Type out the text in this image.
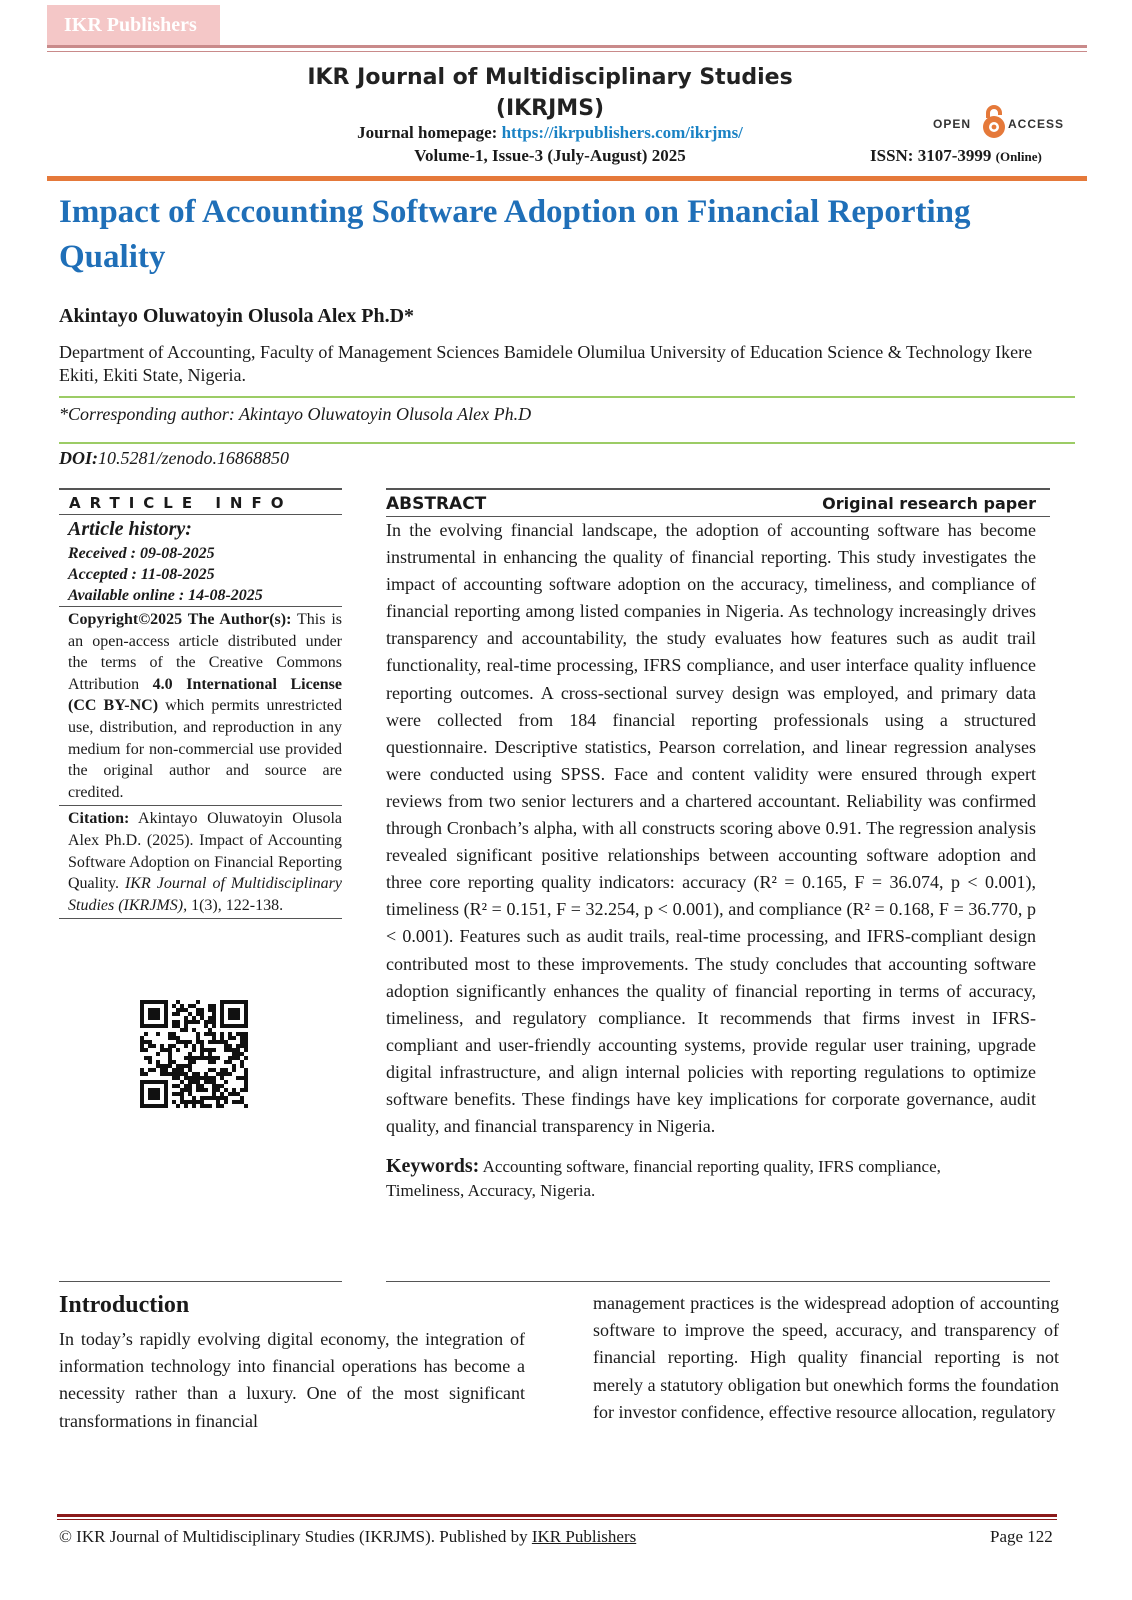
IKR Publishers
IKR Journal of Multidisciplinary Studies
(IKRJMS)
Journal homepage: https://ikrpublishers.com/ikrjms/
Volume-1, Issue-3 (July-August) 2025	ISSN: 3107-3999 (Online)
OPEN	ACCESS
Impact of Accounting Software Adoption on Financial Reporting Quality
Akintayo Oluwatoyin Olusola Alex Ph.D*
Department of Accounting, Faculty of Management Sciences Bamidele Olumilua University of Education Science & Technology Ikere Ekiti, Ekiti State, Nigeria.
*Corresponding author: Akintayo Oluwatoyin Olusola Alex Ph.D
DOI:10.5281/zenodo.16868850
ARTICLE INFO
Article history:
Received : 09-08-2025
Accepted : 11-08-2025
Available online : 14-08-2025
Copyright©2025 The Author(s): This is an open-access article distributed under the terms of the Creative Commons Attribution 4.0 International License (CC BY-NC) which permits unrestricted use, distribution, and reproduction in any medium for non-commercial use provided the original author and source are credited.
Citation: Akintayo Oluwatoyin Olusola Alex Ph.D. (2025). Impact of Accounting Software Adoption on Financial Reporting Quality. IKR Journal of Multidisciplinary Studies (IKRJMS), 1(3), 122-138.
ABSTRACT	Original research paper
In the evolving financial landscape, the adoption of accounting software has become instrumental in enhancing the quality of financial reporting. This study investigates the impact of accounting software adoption on the accuracy, timeliness, and compliance of financial reporting among listed companies in Nigeria. As technology increasingly drives transparency and accountability, the study evaluates how features such as audit trail functionality, real-time processing, IFRS compliance, and user interface quality influence reporting outcomes. A cross-sectional survey design was employed, and primary data were collected from 184 financial reporting professionals using a structured questionnaire. Descriptive statistics, Pearson correlation, and linear regression analyses were conducted using SPSS. Face and content validity were ensured through expert reviews from two senior lecturers and a chartered accountant. Reliability was confirmed through Cronbach’s alpha, with all constructs scoring above 0.91. The regression analysis revealed significant positive relationships between accounting software adoption and three core reporting quality indicators: accuracy (R² = 0.165, F = 36.074, p < 0.001), timeliness (R² = 0.151, F = 32.254, p < 0.001), and compliance (R² = 0.168, F = 36.770, p < 0.001). Features such as audit trails, real-time processing, and IFRS-compliant design contributed most to these improvements. The study concludes that accounting software adoption significantly enhances the quality of financial reporting in terms of accuracy, timeliness, and regulatory compliance. It recommends that firms invest in IFRS-compliant and user-friendly accounting systems, provide regular user training, upgrade digital infrastructure, and align internal policies with reporting regulations to optimize software benefits. These findings have key implications for corporate governance, audit quality, and financial transparency in Nigeria.
Keywords: Accounting software, financial reporting quality, IFRS compliance, Timeliness, Accuracy, Nigeria.
Introduction
In today’s rapidly evolving digital economy, the integration of information technology into financial operations has become a necessity rather than a luxury. One of the most significant transformations in financial
management practices is the widespread adoption of accounting software to improve the speed, accuracy, and transparency of financial reporting. High quality financial reporting is not merely a statutory obligation but onewhich forms the foundation for investor confidence, effective resource allocation, regulatory
© IKR Journal of Multidisciplinary Studies (IKRJMS). Published by IKR Publishers	Page 122
